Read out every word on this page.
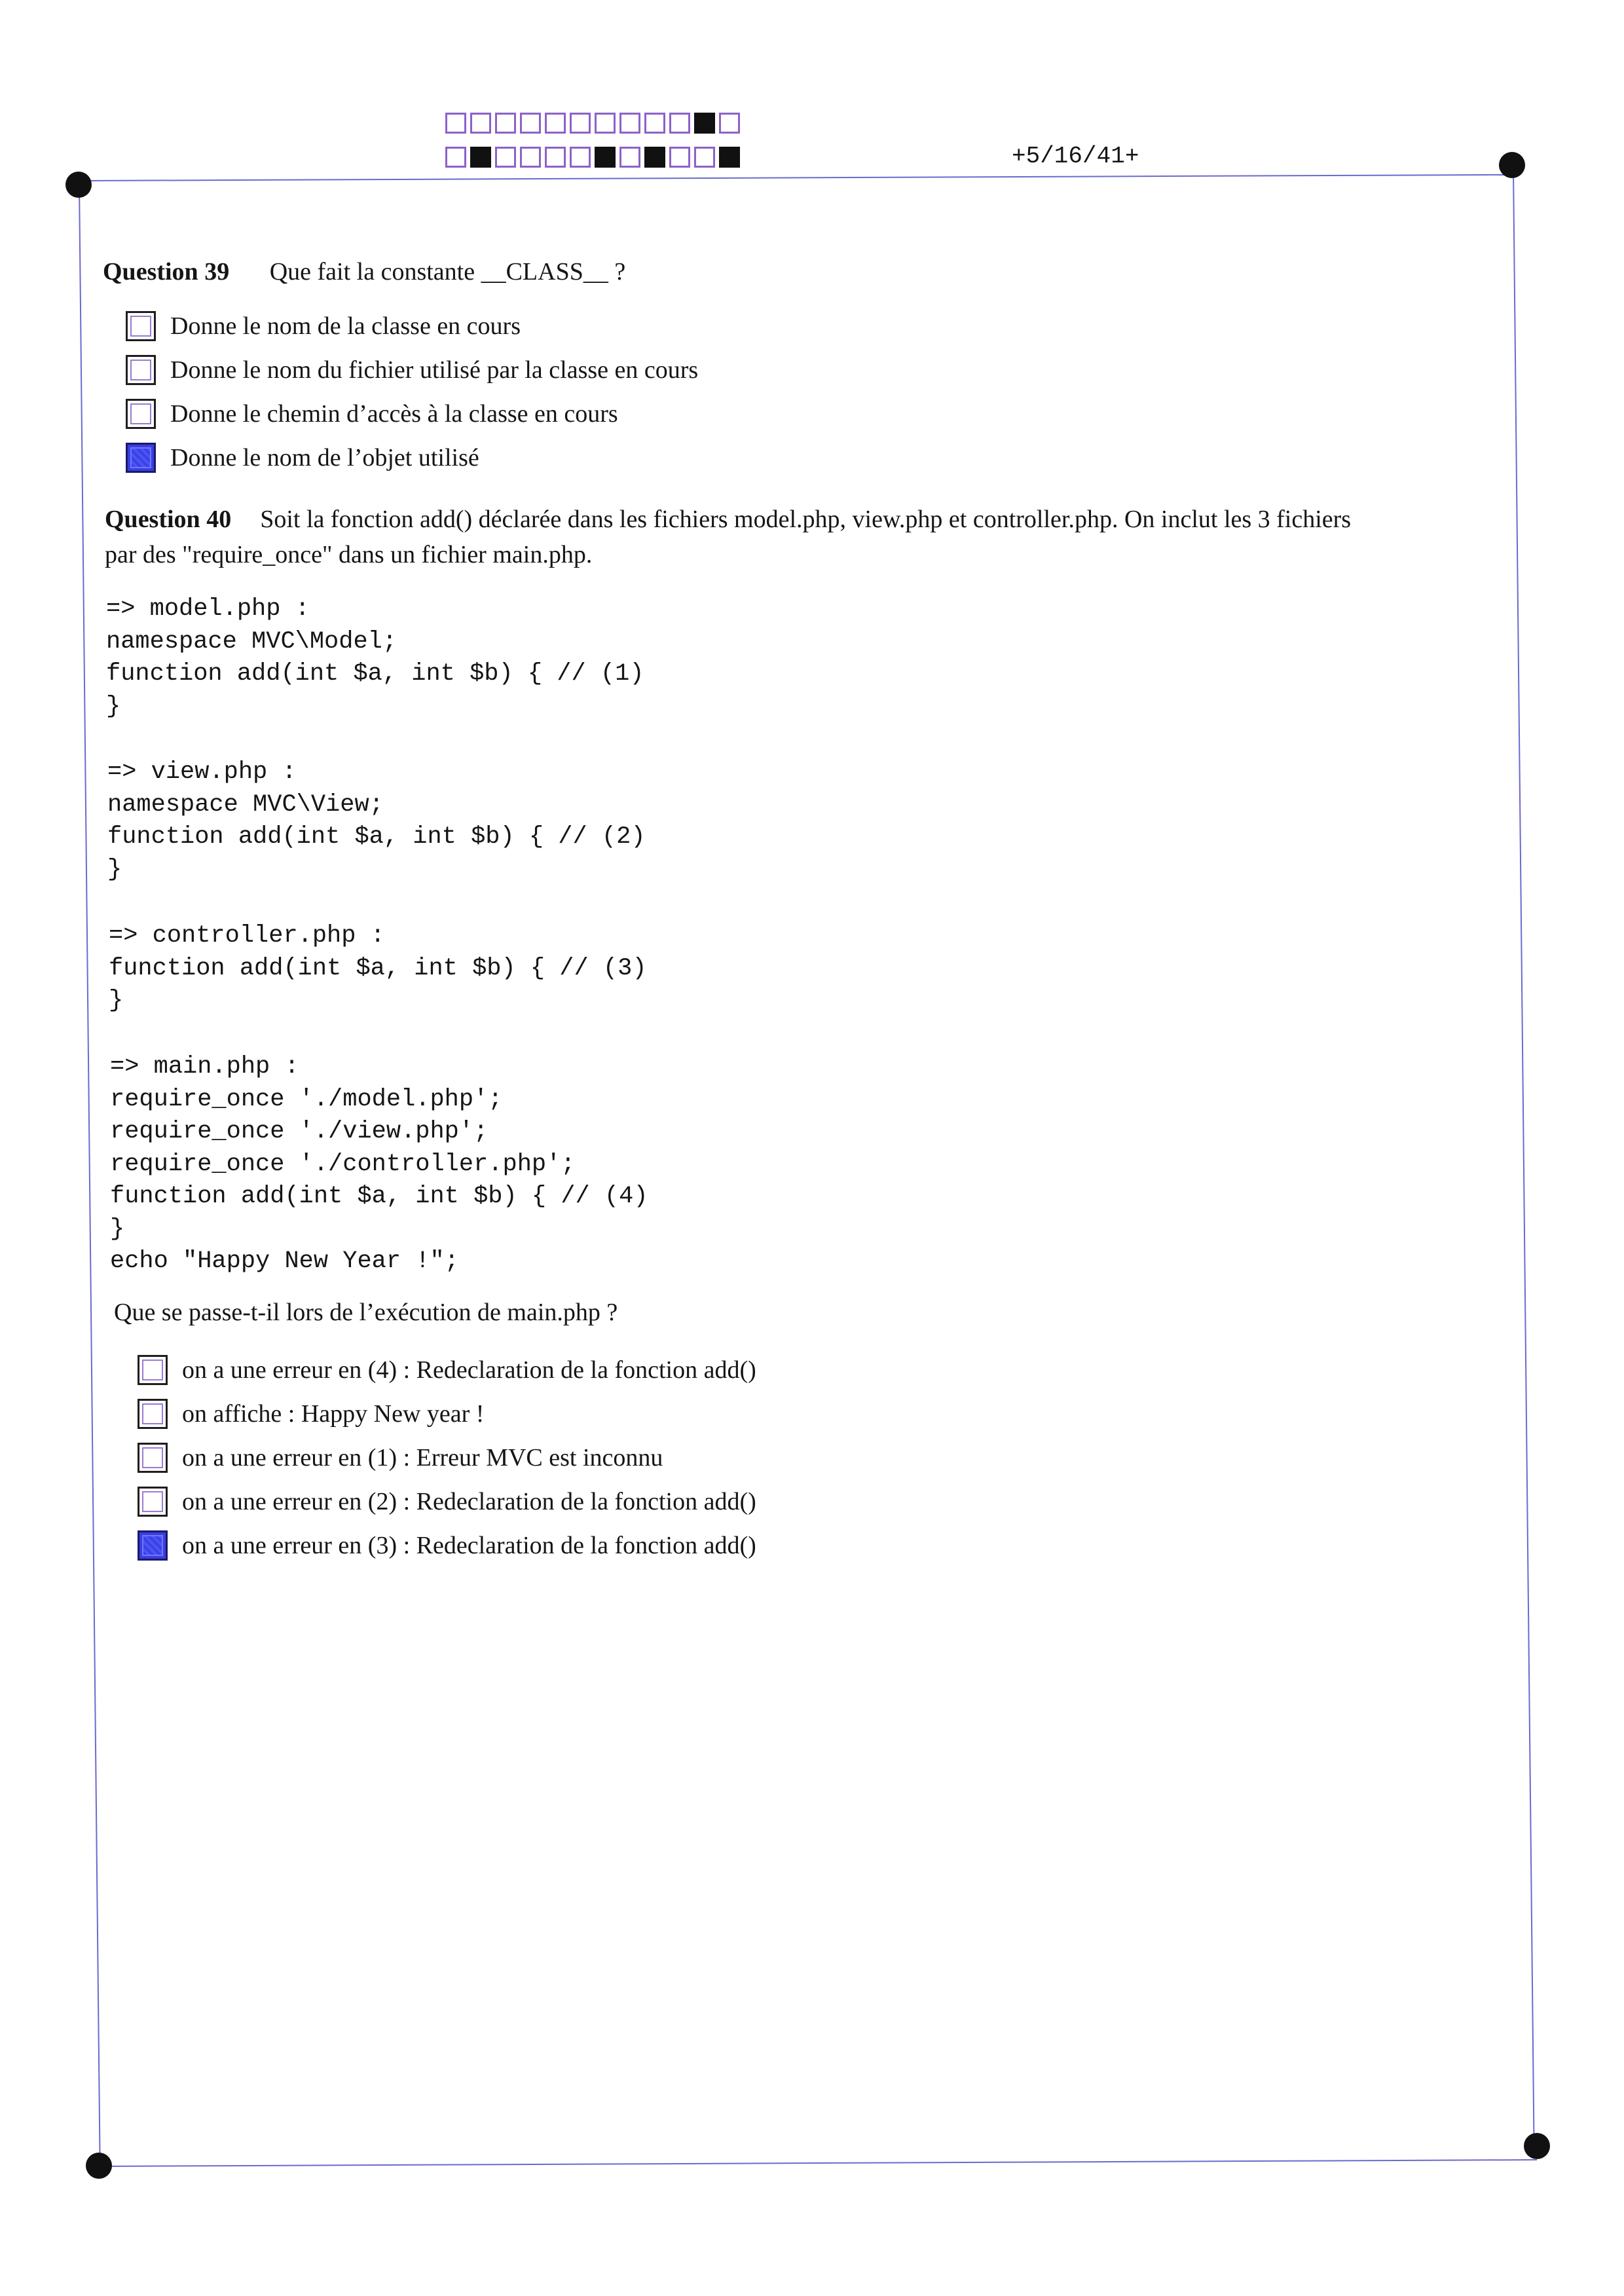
+5/16/41+
Question 39 Que fait la constante __CLASS__ ?
Donne le nom de la classe en cours
Donne le nom du fichier utilisé par la classe en cours
Donne le chemin d’accès à la classe en cours
Donne le nom de l’objet utilisé
Question 40 Soit la fonction add() déclarée dans les fichiers model.php, view.php et controller.php. On inclut les 3 fichiers
par des "require_once" dans un fichier main.php.
=> model.php :
namespace MVC\Model;
function add(int $a, int $b) { // (1)
}
=> view.php :
namespace MVC\View;
function add(int $a, int $b) { // (2)
}
=> controller.php :
function add(int $a, int $b) { // (3)
}
=> main.php :
require_once './model.php';
require_once './view.php';
require_once './controller.php';
function add(int $a, int $b) { // (4)
}
echo "Happy New Year !";
Que se passe-t-il lors de l’exécution de main.php ?
on a une erreur en (4) : Redeclaration de la fonction add()
on affiche : Happy New year !
on a une erreur en (1) : Erreur MVC est inconnu
on a une erreur en (2) : Redeclaration de la fonction add()
on a une erreur en (3) : Redeclaration de la fonction add()
